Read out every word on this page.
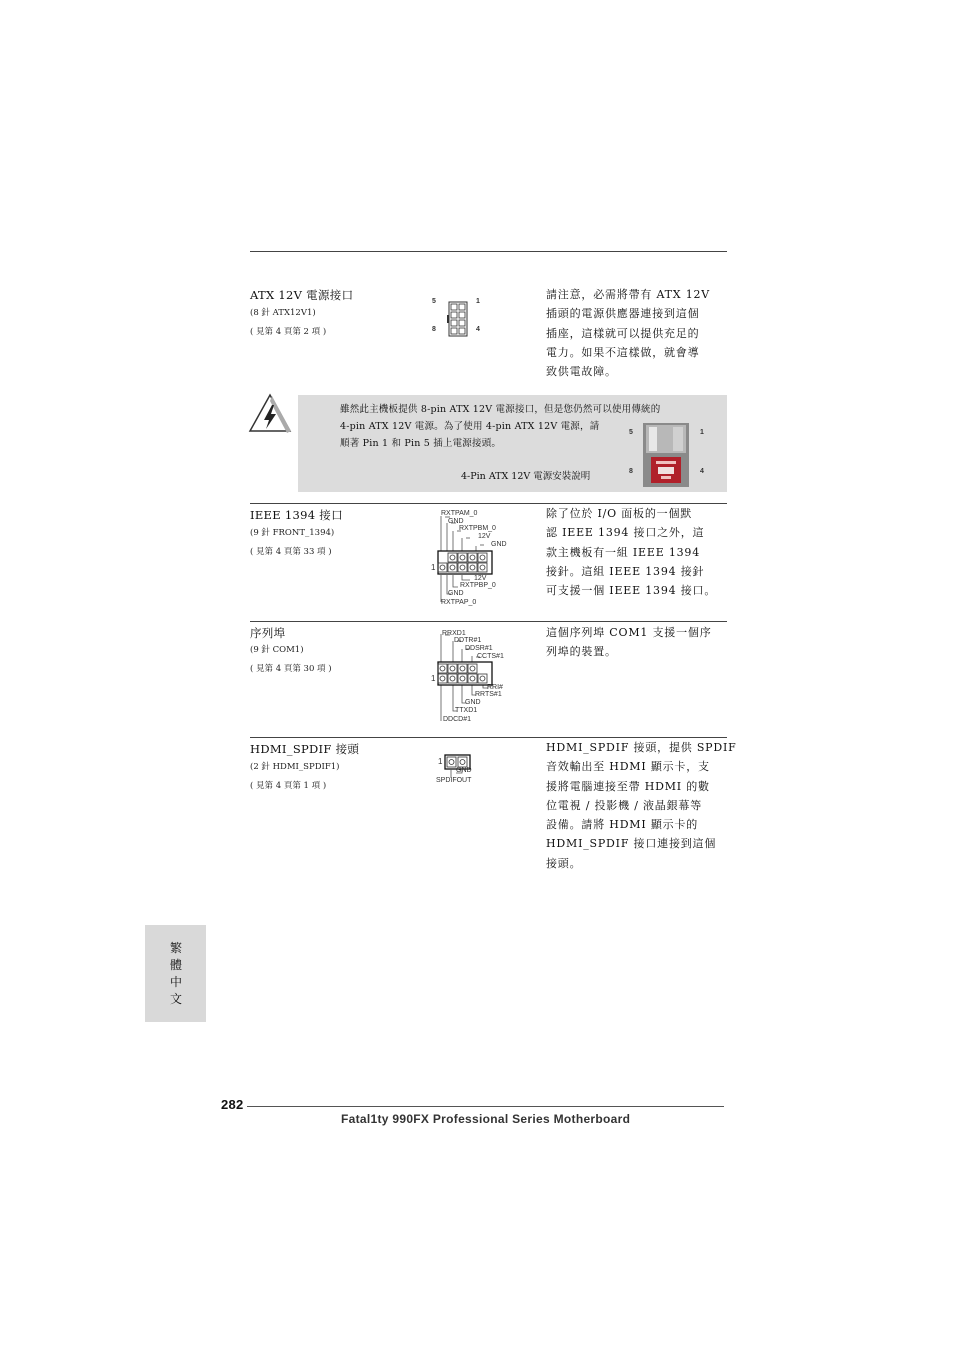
ATX 12V 電源接口
(8 針 ATX12V1)
( 見第 4 頁第 2 項 )
5	1
8	4
請注意，必需將帶有 ATX 12V
插頭的電源供應器連接到這個
插座，這樣就可以提供充足的
電力。如果不這樣做，就會導
致供電故障。
雖然此主機板提供 8-pin ATX 12V 電源接口，但是您仍然可以使用傳統的
4-pin ATX 12V 電源。為了使用 4-pin ATX 12V 電源，請
順著 Pin 1 和 Pin 5 插上電源接頭。
4-Pin ATX 12V 電源安裝說明
5	1
8	4
IEEE 1394 接口
(9 針 FRONT_1394)
( 見第 4 頁第 33 項 )
RXTPAM_0
GND
RXTPBM_0
12V
GND
12V
RXTPBP_0
GND
RXTPAP_0
1
除了位於 I/O 面板的一個默
認 IEEE 1394 接口之外，這
款主機板有一組 IEEE 1394
接針。這組 IEEE 1394 接針
可支援一個 IEEE 1394 接口。
序列埠
(9 針 COM1)
( 見第 4 頁第 30 項 )
RRXD1
DDTR#1
DDSR#1
CCTS#1
RRI#
RRTS#1
GND
TTXD1
DDCD#1
1
這個序列埠 COM1 支援一個序
列埠的裝置。
HDMI_SPDIF 接頭
(2 針 HDMI_SPDIF1)
( 見第 4 頁第 1 項 )
1
GND
SPDIFOUT
HDMI_SPDIF 接頭，提供 SPDIF
音效輸出至 HDMI 顯示卡，支
援將電腦連接至帶 HDMI 的數
位電視 / 投影機 / 液晶銀幕等
設備。請將 HDMI 顯示卡的
HDMI_SPDIF 接口連接到這個
接頭。
繁
體
中
文
282
Fatal1ty 990FX Professional Series Motherboard
